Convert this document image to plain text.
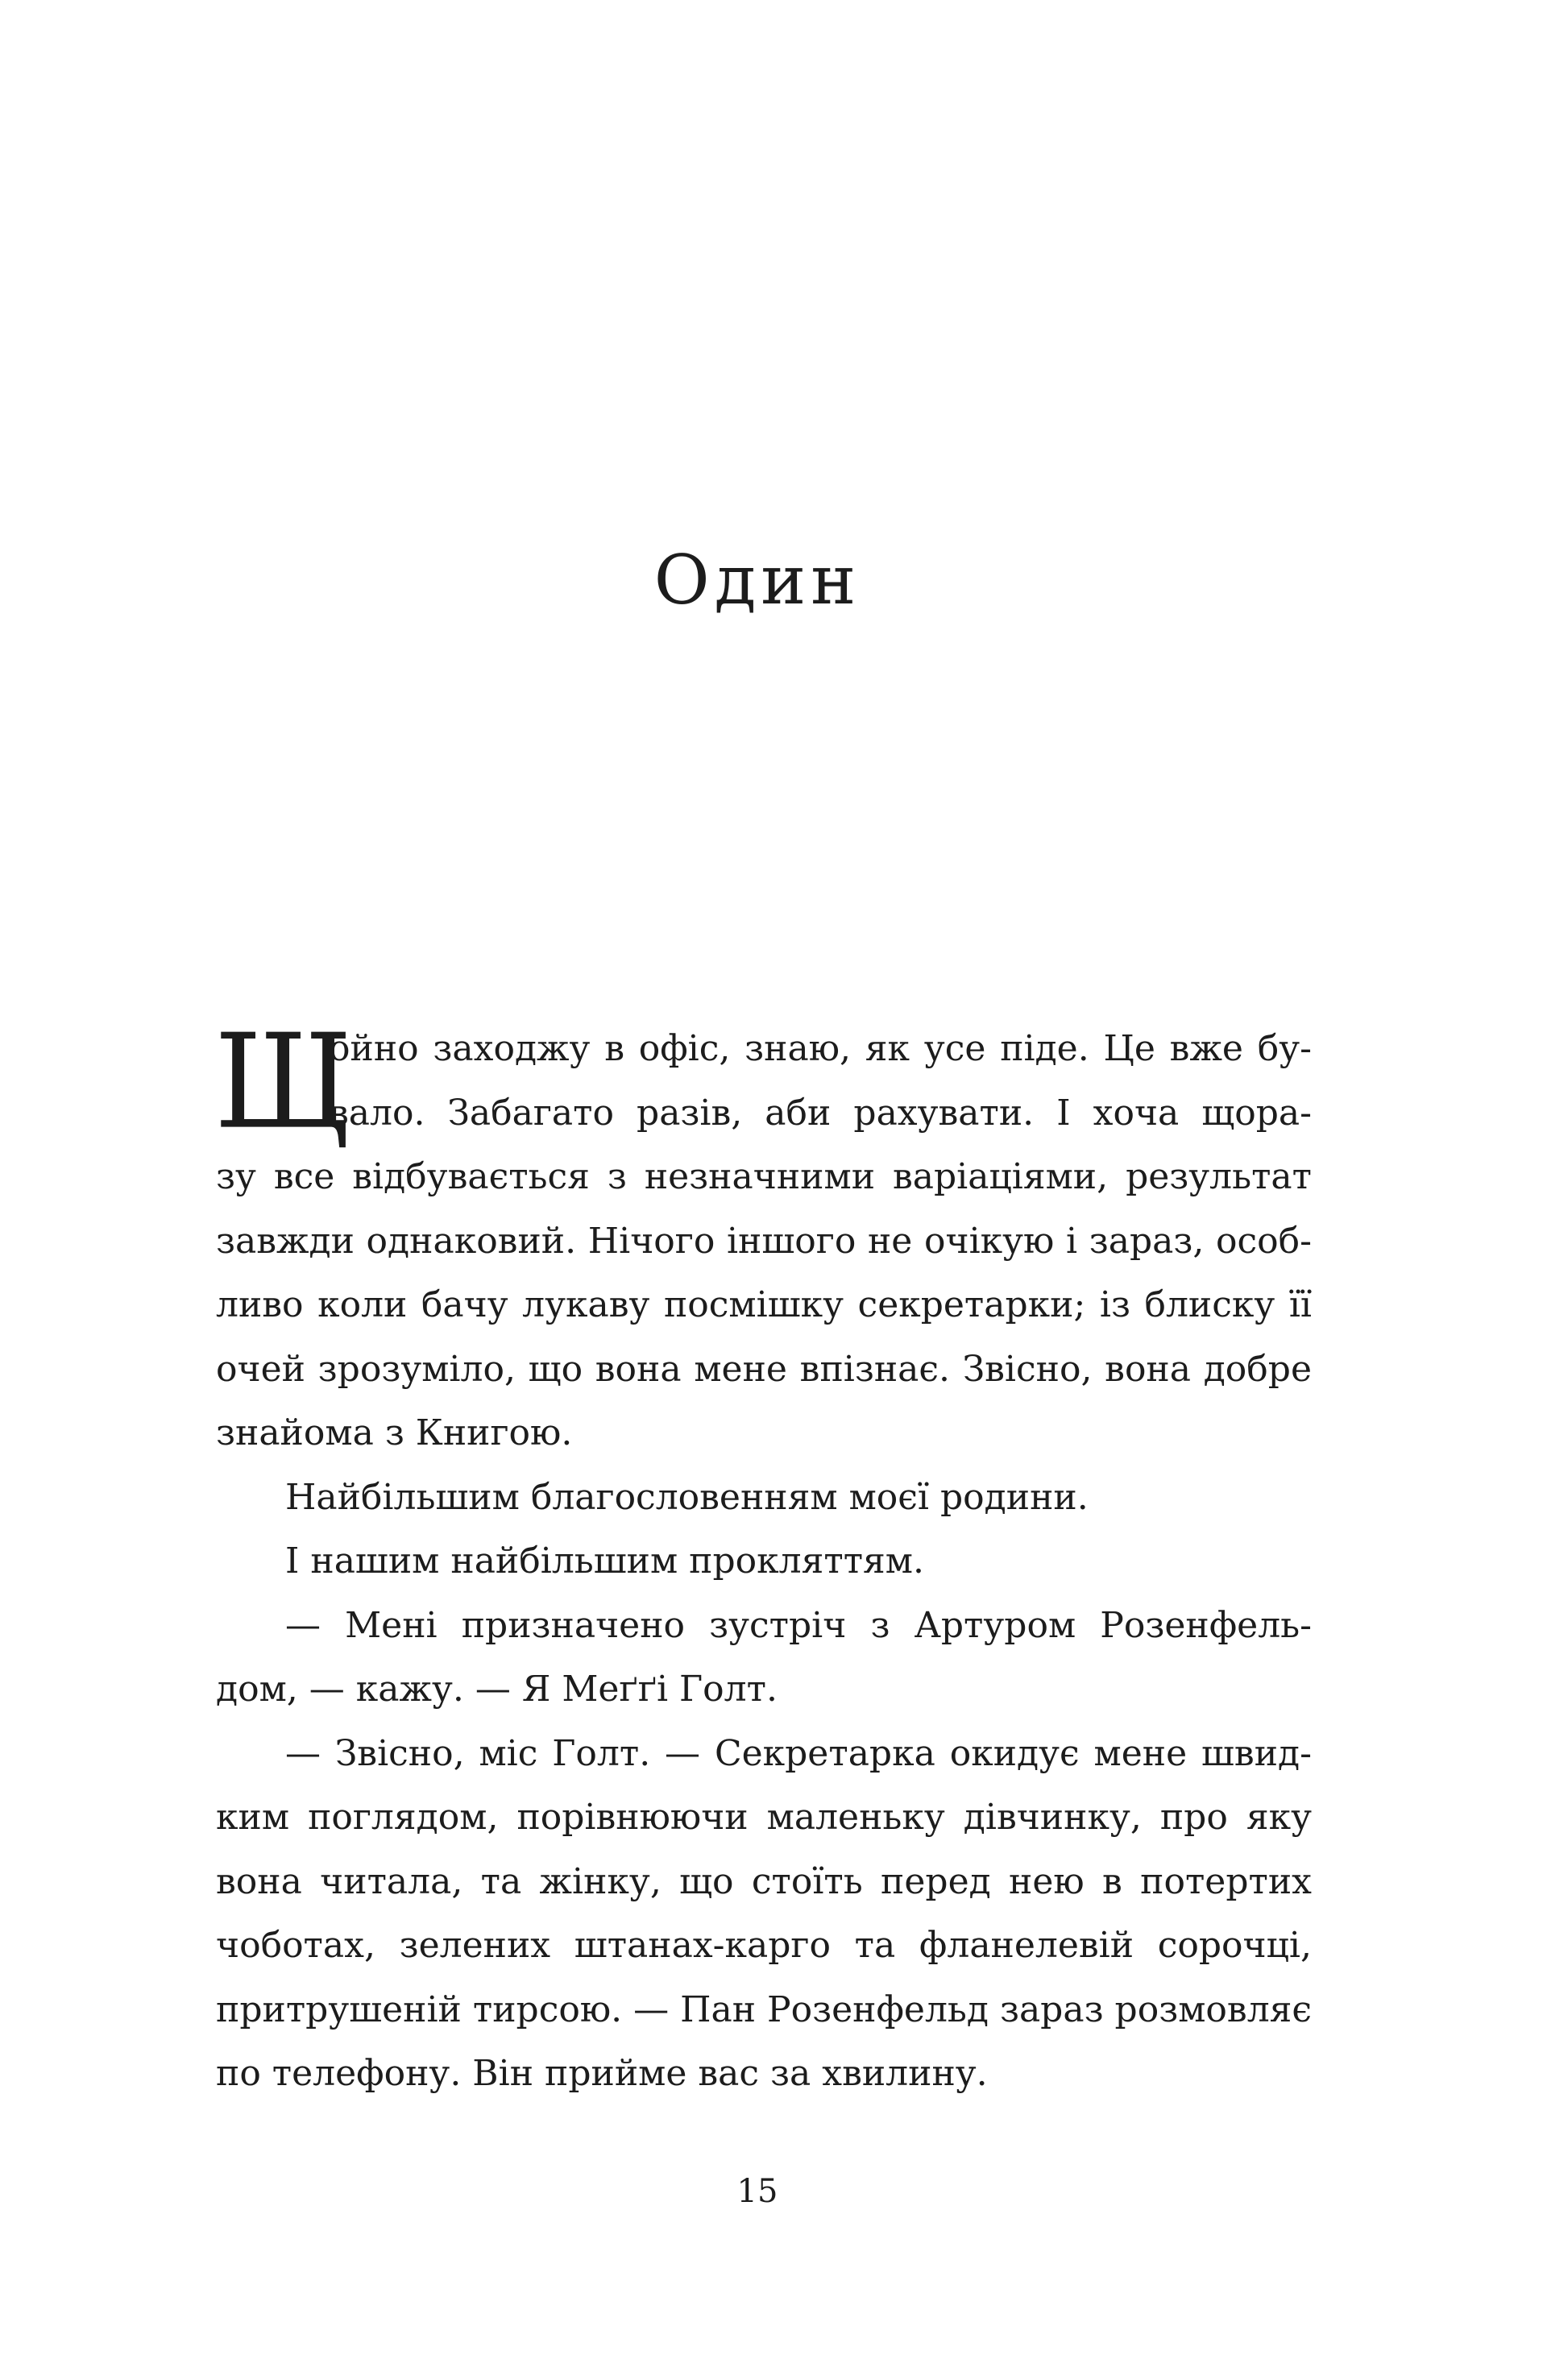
Один
Щ
ойно заходжу в офіс, знаю, як усе піде. Це вже бу-
вало. Забагато разів, аби рахувати. І хоча щора-
зу все відбувається з незначними варіаціями, результат
завжди однаковий. Нічого іншого не очікую і зараз, особ-
ливо коли бачу лукаву посмішку секретарки; із блиску її
очей зрозуміло, що вона мене впізнає. Звісно, вона добре
знайома з Книгою.
Найбільшим благословенням моєї родини.
І нашим найбільшим прокляттям.
— Мені призначено зустріч з Артуром Розенфель-
дом, — кажу. — Я Меґґі Голт.
— Звісно, міс Голт. — Секретарка окидує мене швид-
ким поглядом, порівнюючи маленьку дівчинку, про яку
вона читала, та жінку, що стоїть перед нею в потертих
чоботах, зелених штанах-карго та фланелевій сорочці,
притрушеній тирсою. — Пан Розенфельд зараз розмовляє
по телефону. Він прийме вас за хвилину.

15
